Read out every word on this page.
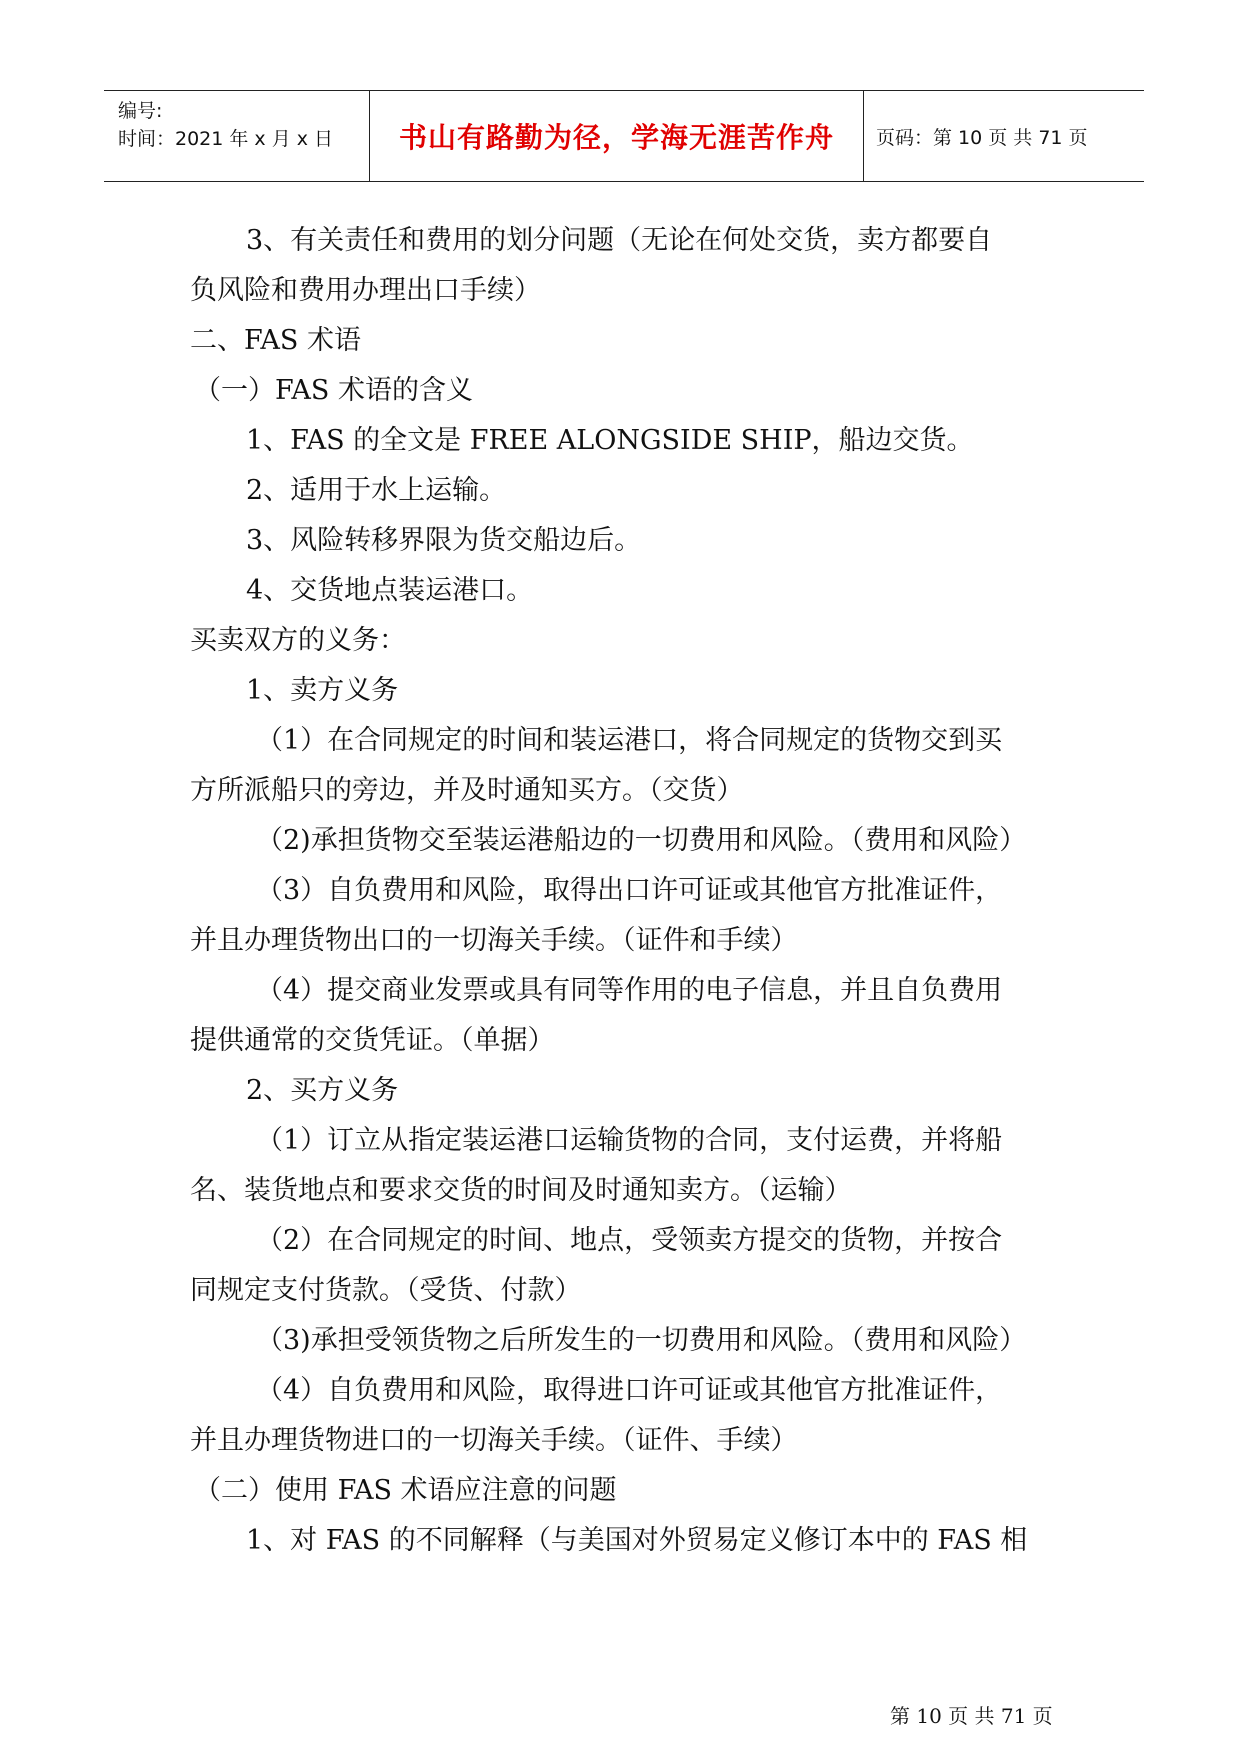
编号:
时间：2021 年 x 月 x 日	书山有路勤为径，学海无涯苦作舟 页码：第 10 页 共 71 页
3、有关责任和费用的划分问题（无论在何处交货，卖方都要自
负风险和费用办理出口手续）
二、FAS 术语
（一）FAS 术语的含义
1、FAS 的全文是 FREE ALONGSIDE SHIP，船边交货。
2、适用于水上运输。
3、风险转移界限为货交船边后。
4、交货地点装运港口。
买卖双方的义务：
1、卖方义务
（1）在合同规定的时间和装运港口，将合同规定的货物交到买
方所派船只的旁边，并及时通知买方。（交货）
（2)承担货物交至装运港船边的一切费用和风险。（费用和风险）
（3）自负费用和风险，取得出口许可证或其他官方批准证件，
并且办理货物出口的一切海关手续。（证件和手续）
（4）提交商业发票或具有同等作用的电子信息，并且自负费用
提供通常的交货凭证。（单据）
2、买方义务
（1）订立从指定装运港口运输货物的合同，支付运费，并将船
名、装货地点和要求交货的时间及时通知卖方。（运输）
（2）在合同规定的时间、地点，受领卖方提交的货物，并按合
同规定支付货款。（受货、付款）
（3)承担受领货物之后所发生的一切费用和风险。（费用和风险）
（4）自负费用和风险，取得进口许可证或其他官方批准证件，
并且办理货物进口的一切海关手续。（证件、手续）
（二）使用 FAS 术语应注意的问题
1、对 FAS 的不同解释（与美国对外贸易定义修订本中的 FAS 相
第 10 页 共 71 页
